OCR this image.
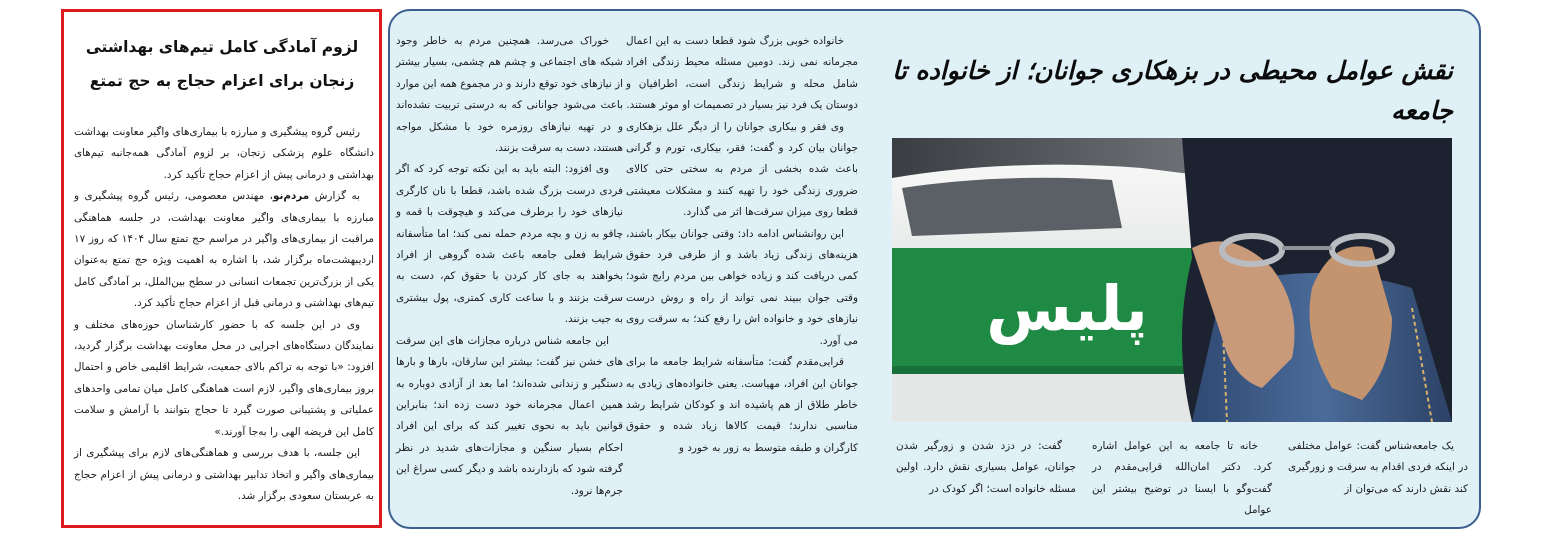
لزوم آمادگی کامل تیم‌های بهداشتی زنجان برای اعزام حجاج به حج تمتع

رئیس گروه پیشگیری و مبارزه با بیماری‌های واگیر معاونت بهداشت دانشگاه علوم پزشکی زنجان، بر لزوم آمادگی همه‌جانبه تیم‌های بهداشتی و درمانی پیش از اعزام حجاج تأکید کرد.

به گزارش مردم‌نو، مهندس معصومی، رئیس گروه پیشگیری و مبارزه با بیماری‌های واگیر معاونت بهداشت، در جلسه هماهنگی مراقبت از بیماری‌های واگیر در مراسم حج تمتع سال ۱۴۰۴ که روز ۱۷ اردیبهشت‌ماه برگزار شد، با اشاره به اهمیت ویژه حج تمتع به‌عنوان یکی از بزرگ‌ترین تجمعات انسانی در سطح بین‌الملل، بر آمادگی کامل تیم‌های بهداشتی و درمانی قبل از اعزام حجاج تأکید کرد.

وی در این جلسه که با حضور کارشناسان حوزه‌های مختلف و نمایندگان دستگاه‌های اجرایی در محل معاونت بهداشت برگزار گردید، افزود: «با توجه به تراکم بالای جمعیت، شرایط اقلیمی خاص و احتمال بروز بیماری‌های واگیر، لازم است هماهنگی کامل میان تمامی واحدهای عملیاتی و پشتیبانی صورت گیرد تا حجاج بتوانند با آرامش و سلامت کامل این فریضه الهی را به‌جا آورند.»

این جلسه، با هدف بررسی و هماهنگی‌های لازم برای پیشگیری از بیماری‌های واگیر و اتخاذ تدابیر بهداشتی و درمانی پیش از اعزام حجاج به عربستان سعودی برگزار شد.

خوراک می‌رسد. همچنین مردم به خاطر وجود شبکه های اجتماعی و چشم هم چشمی، بسیار بیشتر از نیازهای خود توقع دارند و در مجموع همه این موارد باعث می‌شود جوانانی که به درستی تربیت نشده‌اند و در تهیه نیازهای روزمره خود با مشکل مواجه هستند، دست به سرقت بزنند.

وی افزود: البته باید به این نکته توجه کرد که اگر فردی درست بزرگ شده باشد، قطعا با نان کارگری نیازهای خود را برطرف می‌کند و هیچوقت با قمه و چاقو به زن و بچه مردم حمله نمی کند؛ اما متأسفانه شرایط فعلی جامعه باعث شده گروهی از افراد بخواهند به جای کار کردن با حقوق کم، دست به سرقت بزنند و با ساعت کاری کمتری، پول بیشتری به جیب بزنند.

این جامعه شناس درباره مجازات های این سرقت های خشن نیز گفت: بیشتر این سارقان، بارها و بارها دستگیر و زندانی شده‌اند؛ اما بعد از آزادی دوباره به همین اعمال مجرمانه خود دست زده اند؛ بنابراین قوانین باید به نحوی تغییر کند که برای این افراد احکام بسیار سنگین و مجازات‌های شدید در نظر گرفته شود که بازدارنده باشد و دیگر کسی سراغ این جرم‌ها نرود.

خانواده خوبی بزرگ شود قطعا دست به این اعمال مجرمانه نمی زند. دومین مسئله محیط زندگی افراد شامل محله و شرایط زندگی است، اطرافیان و دوستان یک فرد نیز بسیار در تصمیمات او موثر هستند.

وی فقر و بیکاری جوانان را از دیگر علل بزهکاری جوانان بیان کرد و گفت: فقر، بیکاری، تورم و گرانی باعث شده بخشی از مردم به سختی حتی کالای ضروری زندگی خود را تهیه کنند و مشکلات معیشتی قطعا روی میزان سرقت‌ها اثر می گذارد.

این روانشناس ادامه داد: وقتی جوانان بیکار باشند، هزینه‌های زندگی زیاد باشد و از طرفی فرد حقوق کمی دریافت کند و زیاده خواهی بین مردم رایج شود؛ وقتی جوان ببیند نمی تواند از راه و روش درست نیازهای خود و خانواده اش را رفع کند؛ به سرقت روی می آورد.

قرایی‌مقدم گفت: متأسفانه شرایط جامعه ما برای جوانان این افراد، مهیاست. یعنی خانواده‌های زیادی به خاطر طلاق از هم پاشیده اند و کودکان شرایط رشد مناسبی ندارند؛ قیمت کالاها زیاد شده و حقوق کارگران و طبقه متوسط به زور به خورد و

نقش عوامل محیطی در بزهکاری جوانان؛ از خانواده تا جامعه
پلیس

یک جامعه‌شناس گفت: عوامل مختلفی در اینکه فردی اقدام به سرقت و زورگیری کند نقش دارند که می‌توان از

خانه تا جامعه به این عوامل اشاره کرد. دکتر امان‌الله قرایی‌مقدم در گفت‌وگو با ایسنا در توضیح بیشتر این عوامل

گفت: در دزد شدن و زورگیر شدن جوانان، عوامل بسیاری نقش دارد. اولین مسئله خانواده است؛ اگر کودک در
